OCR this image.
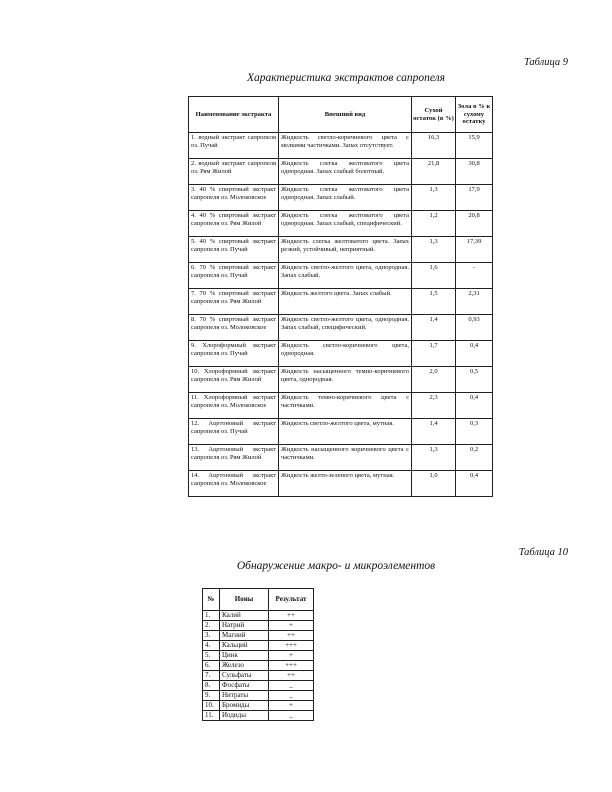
Таблица 9
Характеристика экстрактов сапропеля
Наименование экстракта	Внешний вид	Сухой остаток (в %)	Зола в % к сухому остатку
1. водный экстракт сапропеля оз. Пучай	Жидкость светло-коричневого цвета с мелкими частичками. Запах отсутствует.	16,3	15,9
2. водный экстракт сапропеля оз. Рям Жилой	Жидкость слегка желтоватого цвета однородная. Запах слабый болотный.	21,8	30,8
3. 40 % спиртовый экстракт сапропеля оз. Молоковское	Жидкость слегка желтоватого цвета однородная. Запах слабый.	1,3	17,9
4. 40 % спиртовый экстракт сапропеля оз. Рям Жилой	Жидкость слегка желтоватого цвета однородная. Запах слабый, специфический.	1,2	20,8
5. 40 % спиртовый экстракт сапропеля оз. Пучай	Жидкость слегка желтоватого цвета. Запах резкий, устойчивый, неприятный.	1,3	17,39
6. 70 % спиртовый экстракт сапропеля оз. Пучай	Жидкость светло-желтого цвета, однородная. Запах слабый.	1,6	-
7. 70 % спиртовый экстракт сапропеля оз. Рям Жилой	Жидкость желтого цвета. Запах слабый.	1,5	2,31
8. 70 % спиртовый экстракт сапропеля оз. Молоковское	Жидкость светло-желтого цвета, однородная. Запах слабый, специфический.	1,4	0,93
9. Хлороформный экстракт сапропеля оз. Пучай	Жидкость светло-коричневого цвета, однородная.	1,7	0,4
10. Хлороформный экстракт сапропеля оз. Рям Жилой	Жидкость насыщенного темно-коричневого цвета, однородная.	2,0	0,5
11. Хлороформный экстракт сапропеля оз. Молоковское	Жидкость темно-коричневого цвета с частичками.	2,3	0,4
12. Ацетоновый экстракт сапропеля оз. Пучай	Жидкость светло-желтого цвета, мутная.	1,4	0,3
13. Ацетоновый экстракт сапропеля оз. Рям Жилой	Жидкость насыщенного коричневого цвета с частичками.	1,3	0,2
14. Ацетоновый экстракт сапропеля оз. Молоковское	Жидкость желто-зеленого цвета, мутная.	1,0	0,4
Таблица 10
Обнаружение макро- и микроэлементов
№	Ионы	Результат
1.	Калий	++
2.	Натрий	+
3.	Магний	++
4.	Кальций	+++
5.	Цинк	+
6.	Железо	+++
7.	Сульфаты	++
8.	Фосфаты	_
9.	Нитраты	_
10.	Бромиды	+
11.	Иодиды	_
